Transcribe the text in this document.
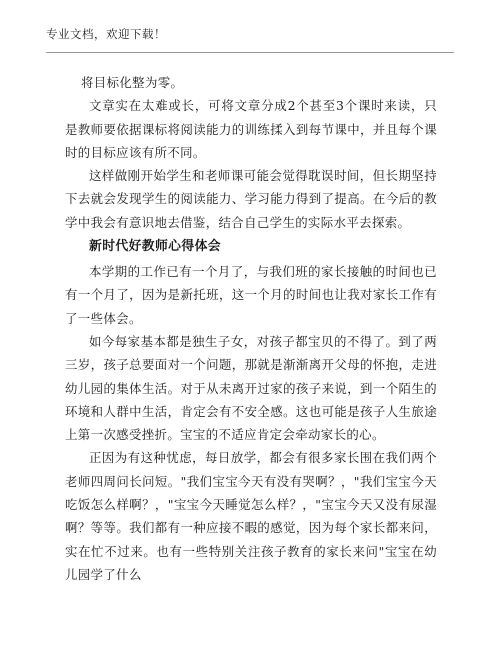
专业文档，欢迎下载！

将目标化整为零。

文章实在太难或长，可将文章分成2个甚至3个课时来读，只是教师要依据课标将阅读能力的训练揉入到每节课中，并且每个课时的目标应该有所不同。

这样做刚开始学生和老师课可能会觉得耽误时间，但长期坚持下去就会发现学生的阅读能力、学习能力得到了提高。在今后的教学中我会有意识地去借鉴，结合自己学生的实际水平去探索。

新时代好教师心得体会

本学期的工作已有一个月了，与我们班的家长接触的时间也已有一个月了，因为是新托班，这一个月的时间也让我对家长工作有了一些体会。

如今每家基本都是独生子女，对孩子都宝贝的不得了。到了两三岁，孩子总要面对一个问题，那就是渐渐离开父母的怀抱，走进幼儿园的集体生活。对于从未离开过家的孩子来说，到一个陌生的环境和人群中生活，肯定会有不安全感。这也可能是孩子人生旅途上第一次感受挫折。宝宝的不适应肯定会牵动家长的心。

正因为有这种忧虑，每日放学，都会有很多家长围在我们两个老师四周问长问短。"我们宝宝今天有没有哭啊？，"我们宝宝今天吃饭怎么样啊？，"宝宝今天睡觉怎么样？，"宝宝今天又没有尿湿啊？等等。我们都有一种应接不暇的感觉，因为每个家长都来问，实在忙不过来。也有一些特别关注孩子教育的家长来问"宝宝在幼儿园学了什么
